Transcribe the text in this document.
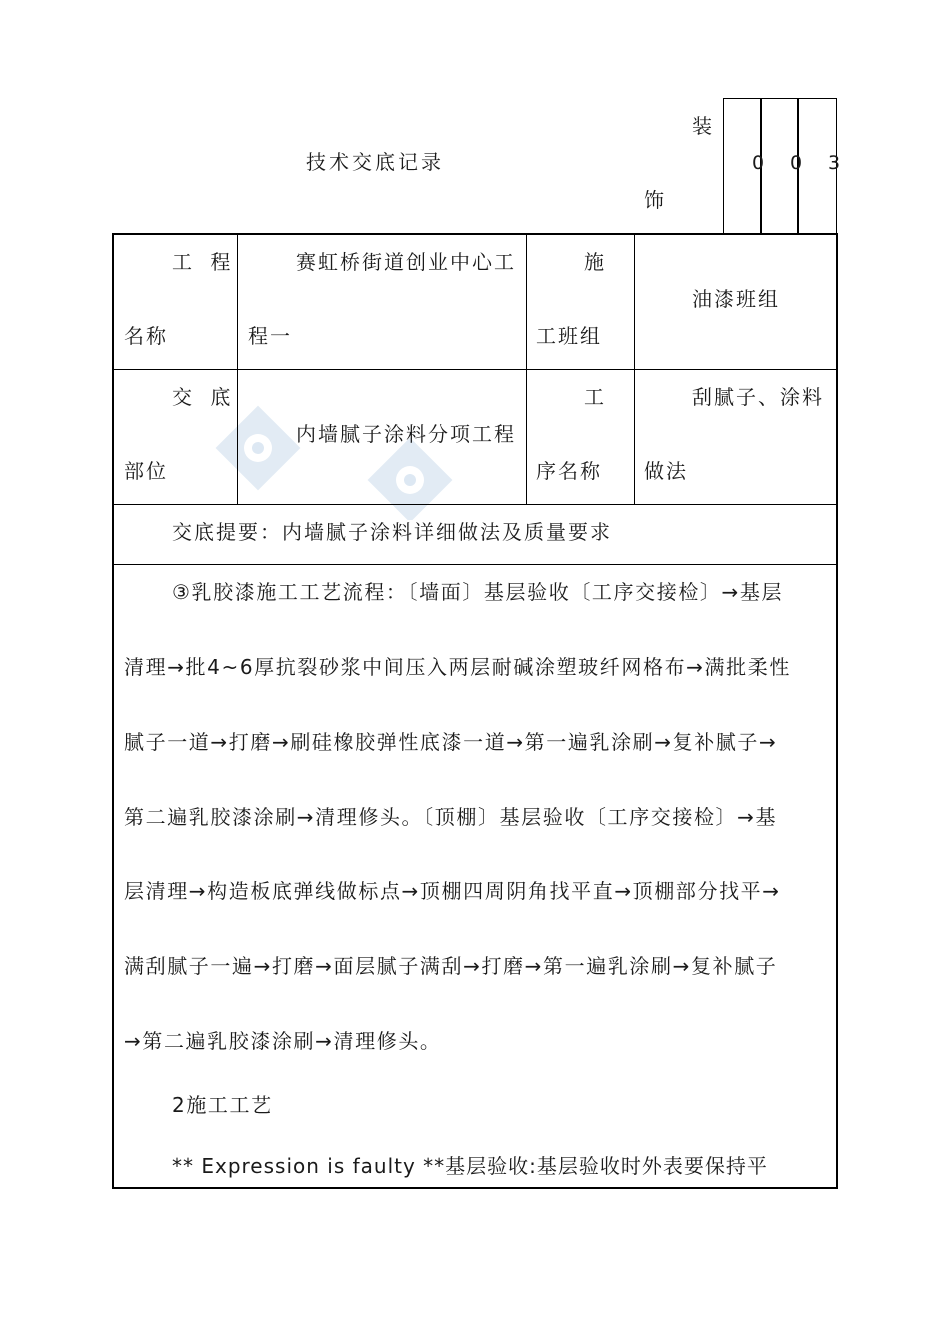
技术交底记录
装
饰
0 0 3
工 程
名称
赛虹桥街道创业中心工
程一
施
工班组
油漆班组
交 底
部位
内墙腻子涂料分项工程
工
序名称
刮腻子、涂料
做法
交底提要：内墙腻子涂料详细做法及质量要求
③乳胶漆施工工艺流程：〔墙面〕基层验收〔工序交接检〕→基层
清理→批4~6厚抗裂砂浆中间压入两层耐碱涂塑玻纤网格布→满批柔性
腻子一道→打磨→刷硅橡胶弹性底漆一道→第一遍乳涂刷→复补腻子→
第二遍乳胶漆涂刷→清理修头。〔顶棚〕基层验收〔工序交接检〕→基
层清理→构造板底弹线做标点→顶棚四周阴角找平直→顶棚部分找平→
满刮腻子一遍→打磨→面层腻子满刮→打磨→第一遍乳涂刷→复补腻子
→第二遍乳胶漆涂刷→清理修头。
2施工工艺
** Expression is faulty **基层验收:基层验收时外表要保持平
